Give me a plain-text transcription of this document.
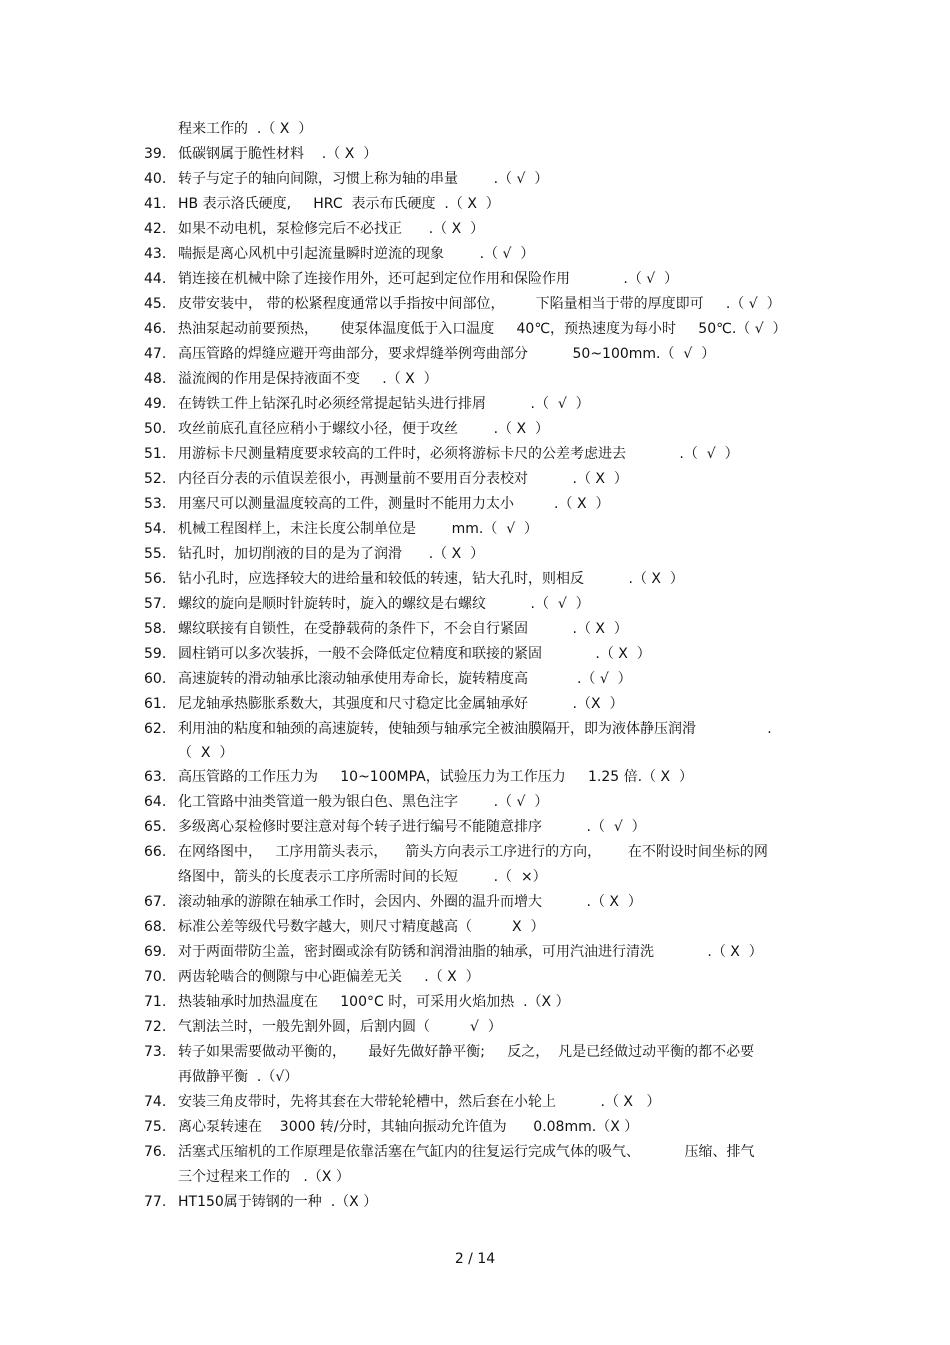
程来工作的  .（ X  ）
39. 低碳钢属于脆性材料    .（ X  ）
40. 转子与定子的轴向间隙，习惯上称为轴的串量        .（ √  ）
41. HB 表示洛氏硬度,     HRC  表示布氏硬度  .（ X  ）
42. 如果不动电机，泵检修完后不必找正      .（ X  ）
43. 喘振是离心风机中引起流量瞬时逆流的现象        .（ √  ）
44. 销连接在机械中除了连接作用外，还可起到定位作用和保险作用            .（ √  ）
45. 皮带安装中， 带的松紧程度通常以手指按中间部位，       下陷量相当于带的厚度即可     .（ √  ）
46. 热油泵起动前要预热，     使泵体温度低于入口温度     40℃，预热速度为每小时     50℃.（ √  ）
47. 高压管路的焊缝应避开弯曲部分，要求焊缝举例弯曲部分          50~100mm.（  √  ）
48. 溢流阀的作用是保持液面不变     .（ X  ）
49. 在铸铁工件上钻深孔时必须经常提起钻头进行排屑          .（  √  ）
50. 攻丝前底孔直径应稍小于螺纹小径，便于攻丝        .（ X  ）
51. 用游标卡尺测量精度要求较高的工件时，必须将游标卡尺的公差考虑进去            .（  √  ）
52. 内径百分表的示值误差很小，再测量前不要用百分表校对          .（ X  ）
53. 用塞尺可以测量温度较高的工件，测量时不能用力太小         .（ X  ）
54. 机械工程图样上，未注长度公制单位是        mm.（  √  ）
55. 钻孔时，加切削液的目的是为了润滑      .（ X  ）
56. 钻小孔时，应选择较大的进给量和较低的转速，钻大孔时，则相反          .（ X  ）
57. 螺纹的旋向是顺时针旋转时，旋入的螺纹是右螺纹          .（  √  ）
58. 螺纹联接有自锁性，在受静载荷的条件下，不会自行紧固          .（ X  ）
59. 圆柱销可以多次装拆，一般不会降低定位精度和联接的紧固            .（ X  ）
60. 高速旋转的滑动轴承比滚动轴承使用寿命长，旋转精度高           .（ √  ）
61. 尼龙轴承热膨胀系数大，其强度和尺寸稳定比金属轴承好          .（X  ）
62. 利用油的粘度和轴颈的高速旋转，使轴颈与轴承完全被油膜隔开，即为液体静压润滑                .
（  X  ）
63. 高压管路的工作压力为     10~100MPA，试验压力为工作压力     1.25 倍.（ X  ）
64. 化工管路中油类管道一般为银白色、黑色注字        .（ √  ）
65. 多级离心泵检修时要注意对每个转子进行编号不能随意排序          .（  √  ）
66. 在网络图中，   工序用箭头表示，    箭头方向表示工序进行的方向，      在不附设时间坐标的网
络图中，箭头的长度表示工序所需时间的长短        .（  ×）
67. 滚动轴承的游隙在轴承工作时，会因内、外圈的温升而增大          .（ X  ）
68. 标准公差等级代号数字越大，则尺寸精度越高（         X  ）
69. 对于两面带防尘盖，密封圈或涂有防锈和润滑油脂的轴承，可用汽油进行清洗            .（ X  ）
70. 两齿轮啮合的侧隙与中心距偏差无关     .（ X  ）
71. 热装轴承时加热温度在     100°C 时，可采用火焰加热  .（X ）
72. 气割法兰时，一般先割外圆，后割内圆（         √  ）
73. 转子如果需要做动平衡的，     最好先做好静平衡;     反之，  凡是已经做过动平衡的都不必要
再做静平衡  .（√）
74. 安装三角皮带时，先将其套在大带轮轮槽中，然后套在小轮上          .（ X   ）
75. 离心泵转速在    3000 转/分时，其轴向振动允许值为      0.08mm.（X ）
76. 活塞式压缩机的工作原理是依靠活塞在气缸内的往复运行完成气体的吸气、          压缩、排气
三个过程来工作的   .（X ）
77. HT150属于铸钢的一种  .（X ）
2 / 14
